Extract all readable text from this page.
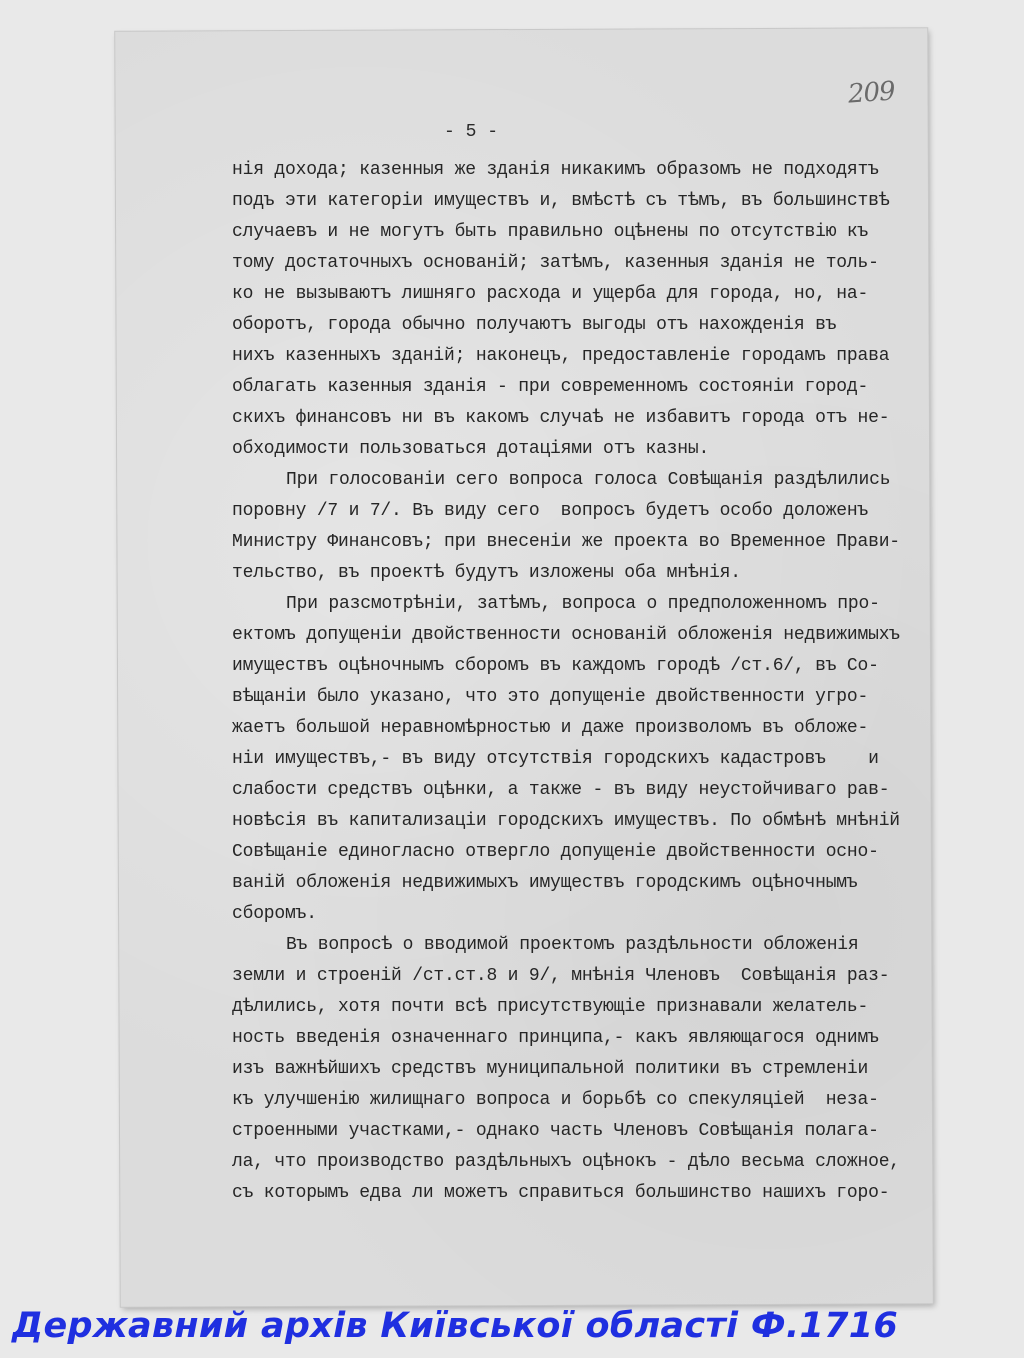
209
- 5 -
нія дохода; казенныя же зданія никакимъ образомъ не подходятъ
подъ эти категоріи имуществъ и, вмѣстѣ съ тѣмъ, въ большинствѣ
случаевъ и не могутъ быть правильно оцѣнены по отсутствію къ
тому достаточныхъ основаній; затѣмъ, казенныя зданія не толь-
ко не вызываютъ лишняго расхода и ущерба для города, но, на-
оборотъ, города обычно получаютъ выгоды отъ нахожденія въ
нихъ казенныхъ зданій; наконецъ, предоставленіе городамъ права
облагать казенныя зданія - при современномъ состояніи город-
скихъ финансовъ ни въ какомъ случаѣ не избавитъ города отъ не-
обходимости пользоваться дотаціями отъ казны.
При голосованіи сего вопроса голоса Совѣщанія раздѣлились
поровну /7 и 7/. Въ виду сего  вопросъ будетъ особо доложенъ
Министру Финансовъ; при внесеніи же проекта во Временное Прави-
тельство, въ проектѣ будутъ изложены оба мнѣнія.
При разсмотрѣніи, затѣмъ, вопроса о предположенномъ про-
ектомъ допущеніи двойственности основаній обложенія недвижимыхъ
имуществъ оцѣночнымъ сборомъ въ каждомъ городѣ /ст.6/, въ Со-
вѣщаніи было указано, что это допущеніе двойственности угро-
жаетъ большой неравномѣрностью и даже произволомъ въ обложе-
ніи имуществъ,- въ виду отсутствія городскихъ кадастровъ    и
слабости средствъ оцѣнки, а также - въ виду неустойчиваго рав-
новѣсія въ капитализаціи городскихъ имуществъ. По обмѣнѣ мнѣній
Совѣщаніе единогласно отвергло допущеніе двойственности осно-
ваній обложенія недвижимыхъ имуществъ городскимъ оцѣночнымъ
сборомъ.
Въ вопросѣ о вводимой проектомъ раздѣльности обложенія
земли и строеній /ст.ст.8 и 9/, мнѣнія Членовъ  Совѣщанія раз-
дѣлились, хотя почти всѣ присутствующіе признавали желатель-
ность введенія означеннаго принципа,- какъ являющагося однимъ
изъ важнѣйшихъ средствъ муниципальной политики въ стремленіи
къ улучшенію жилищнаго вопроса и борьбѣ со спекуляціей  неза-
строенными участками,- однако часть Членовъ Совѣщанія полага-
ла, что производство раздѣльныхъ оцѣнокъ - дѣло весьма сложное,
съ которымъ едва ли можетъ справиться большинство нашихъ горо-
Державний архів Київської області Ф.1716
